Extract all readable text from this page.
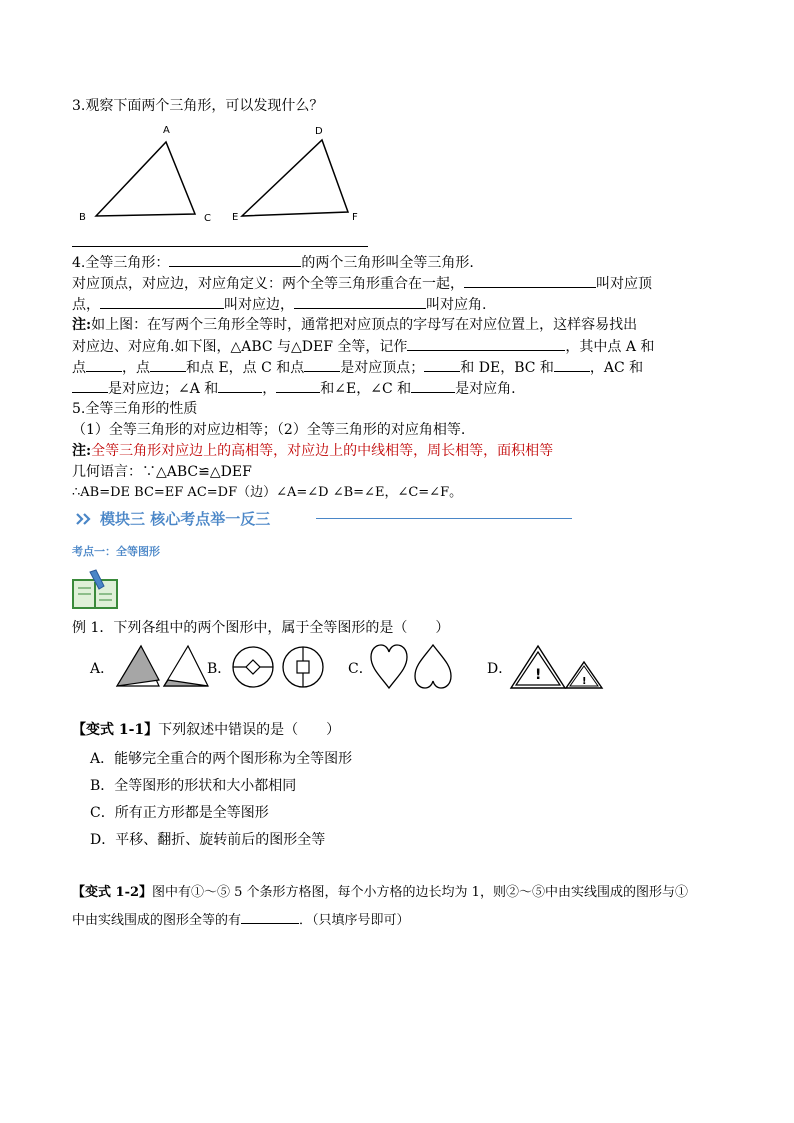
3.观察下面两个三角形，可以发现什么？
A
B	C
D
E	F
4.全等三角形：	的两个三角形叫全等三角形.
对应顶点，对应边，对应角定义：两个全等三角形重合在一起，	叫对应顶
点，	叫对应边，	叫对应角.
注:如上图：在写两个三角形全等时，通常把对应顶点的字母写在对应位置上，这样容易找出
对应边、对应角.如下图，△ABC 与△DEF 全等，记作	，其中点 A 和
点	，点	和点 E，点 C 和点	是对应顶点；	和 DE，BC 和	，AC 和
是对应边；∠A 和	，	和∠E，∠C 和	是对应角.
5.全等三角形的性质
（1）全等三角形的对应边相等；（2）全等三角形的对应角相等.
注:全等三角形对应边上的高相等，对应边上的中线相等，周长相等，面积相等
几何语言：∵△ABC≌△DEF
∴AB=DE BC=EF AC=DF（边）∠A=∠D ∠B=∠E，∠C=∠F。
模块三 核心考点举一反三
考点一：全等图形
例 1．下列各组中的两个图形中，属于全等图形的是（　　）
A．	B．	C．	D． !	!
【变式 1-1】下列叙述中错误的是（　　）
A．能够完全重合的两个图形称为全等图形
B．全等图形的形状和大小都相同
C．所有正方形都是全等图形
D．平移、翻折、旋转前后的图形全等
【变式 1-2】图中有①～⑤ 5 个条形方格图，每个小方格的边长均为 1，则②～⑤中由实线围成的图形与①
中由实线围成的图形全等的有	．（只填序号即可）
